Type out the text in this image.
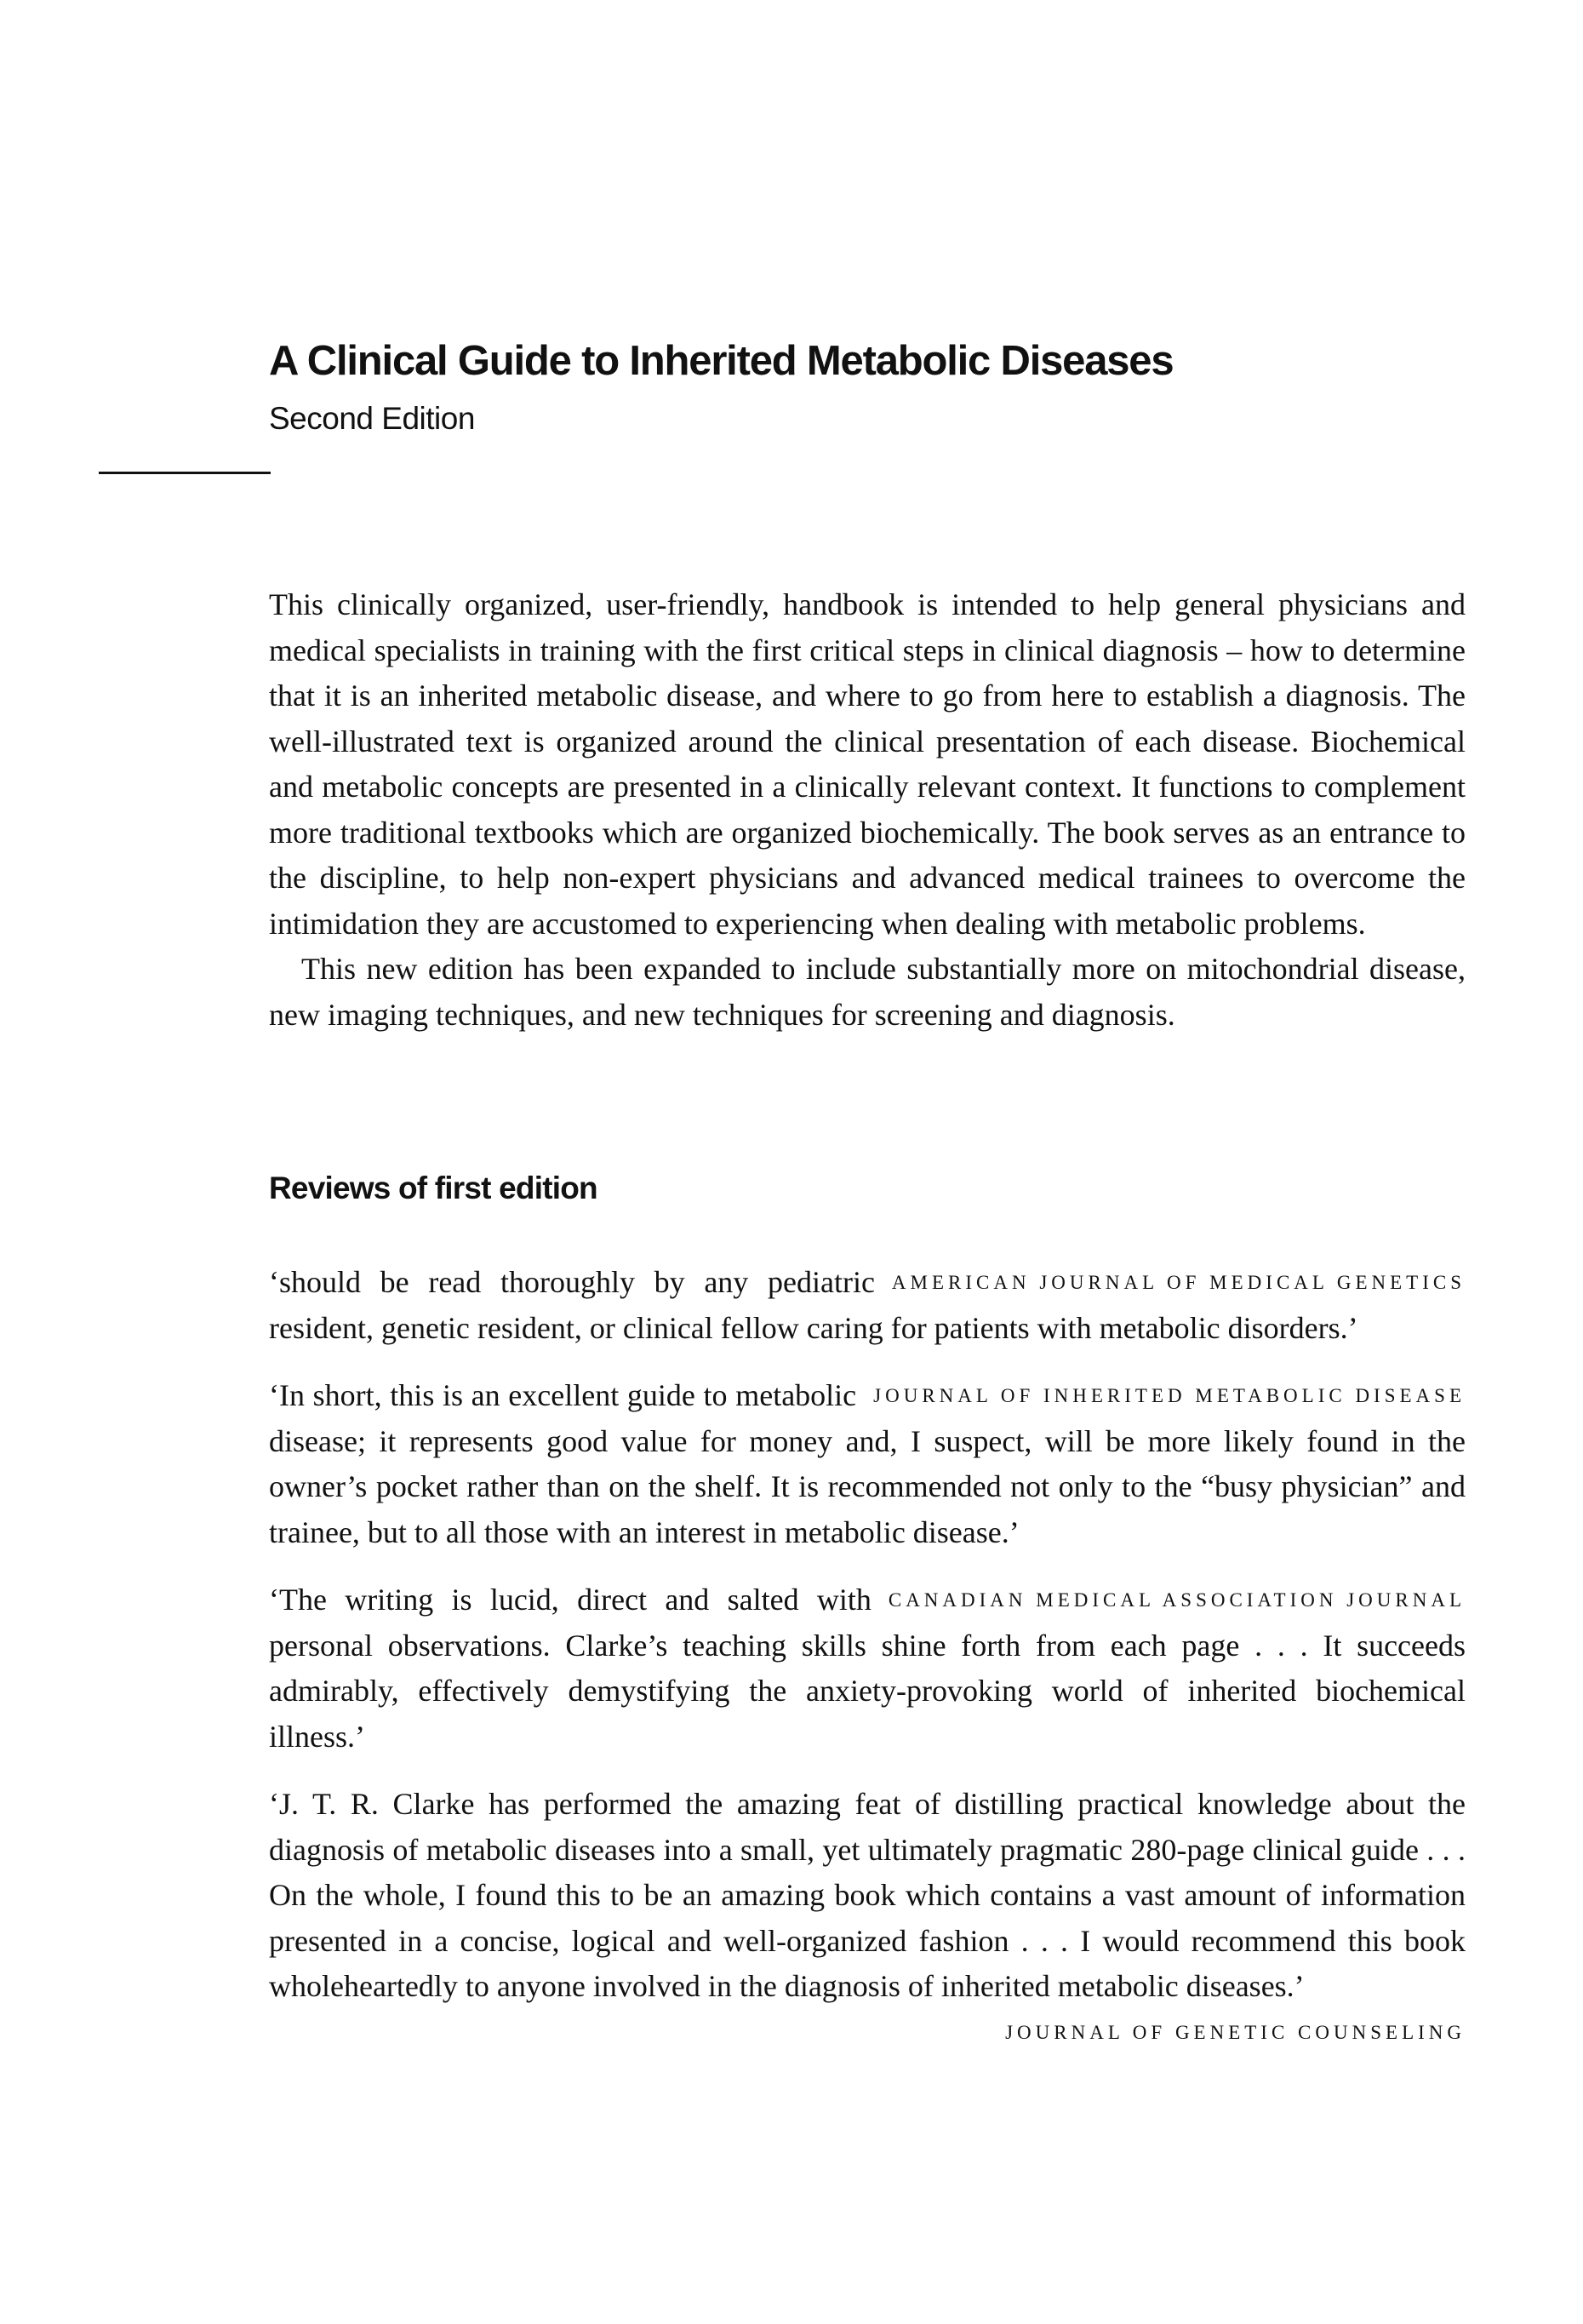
A Clinical Guide to Inherited Metabolic Diseases
Second Edition

This clinically organized, user-friendly, handbook is intended to help general physicians and medical specialists in training with the first critical steps in clinical diagnosis – how to determine that it is an inherited metabolic disease, and where to go from here to establish a diagnosis. The well-illustrated text is organized around the clinical presentation of each disease. Biochemical and metabolic concepts are presented in a clinically relevant context. It functions to complement more traditional textbooks which are organized biochemically. The book serves as an entrance to the discipline, to help non-expert physicians and advanced medical trainees to overcome the intimidation they are accustomed to experiencing when dealing with metabolic problems.

This new edition has been expanded to include substantially more on mitochondrial disease, new imaging techniques, and new techniques for screening and diagnosis.

Reviews of first edition
AMERICAN JOURNAL OF MEDICAL GENETICS
‘should be read thoroughly by any pediatric resident, genetic resident, or clinical fellow caring for patients with metabolic disorders.’
JOURNAL OF INHERITED METABOLIC DISEASE
‘In short, this is an excellent guide to metabolic disease; it represents good value for money and, I suspect, will be more likely found in the owner’s pocket rather than on the shelf. It is recommended not only to the “busy physician” and trainee, but to all those with an interest in metabolic disease.’
CANADIAN MEDICAL ASSOCIATION JOURNAL
‘The writing is lucid, direct and salted with personal observations. Clarke’s teaching skills shine forth from each page . . . It succeeds admirably, effectively demystifying the anxiety-provoking world of inherited biochemical illness.’
‘J. T. R. Clarke has performed the amazing feat of distilling practical knowledge about the diagnosis of metabolic diseases into a small, yet ultimately pragmatic 280-page clinical guide . . . On the whole, I found this to be an amazing book which contains a vast amount of information presented in a concise, logical and well-organized fashion . . . I would recommend this book wholeheartedly to anyone involved in the diagnosis of inherited metabolic diseases.’
JOURNAL OF GENETIC COUNSELING
